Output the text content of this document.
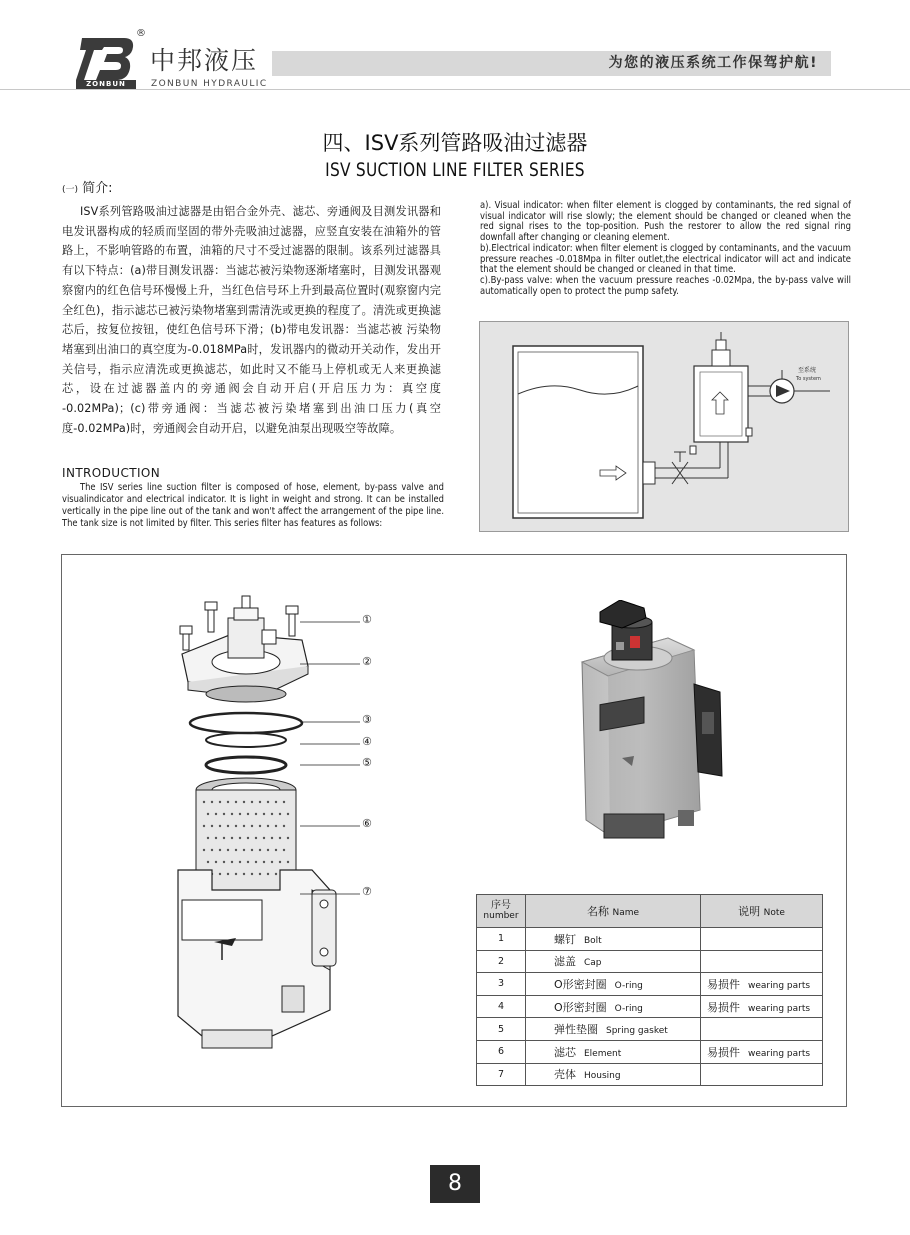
ZONBUN
®
中邦液压
ZONBUN HYDRAULIC
为您的液压系统工作保驾护航!
四、ISV系列管路吸油过滤器
ISV SUCTION LINE FILTER SERIES
(一) 简介:
ISV系列管路吸油过滤器是由铝合金外壳、滤芯、旁通阀及目测发讯器和电发讯器构成的轻质而坚固的带外壳吸油过滤器，应竖直安装在油箱外的管路上，不影响管路的布置，油箱的尺寸不受过滤器的限制。该系列过滤器具有以下特点：(a)带目测发讯器：当滤芯被污染物逐渐堵塞时，目测发讯器观察窗内的红色信号环慢慢上升，当红色信号环上升到最高位置时(观察窗内完全红色)，指示滤芯已被污染物堵塞到需清洗或更换的程度了。清洗或更换滤芯后，按复位按钮，使红色信号环下滑；(b)带电发讯器：当滤芯被 污染物堵塞到出油口的真空度为-0.018MPa时，发讯器内的微动开关动作，发出开关信号，指示应清洗或更换滤芯，如此时又不能马上停机或无人来更换滤芯，设在过滤器盖内的旁通阀会自动开启(开启压力为：真空度 -0.02MPa)；(c)带旁通阀：当滤芯被污染堵塞到出油口压力(真空度-0.02MPa)时，旁通阀会自动开启，以避免油泵出现吸空等故障。
INTRODUCTION
The ISV series line suction filter is composed of hose, element, by-pass valve and visualindicator and electrical indicator. It is light in weight and strong. It can be installed vertically in the pipe line out of the tank and won't affect the arrangement of the pipe line. The tank size is not limited by filter. This series filter has features as follows:

a). Visual indicator: when filter element is clogged by contaminants, the red signal of visual indicator will rise slowly; the element should be changed or cleaned when the red signal rises to the top-position. Push the restorer to allow the red signal ring downfall after changing or cleaning element.

b).Electrical indicator: when filter element is clogged by contaminants, and the vacuum pressure reaches -0.018Mpa in filter outlet,the electrical indicator will act and indicate that the element should be changed or cleaned in that time.

c).By-pass valve: when the vacuum pressure reaches -0.02Mpa, the by-pass valve will automatically open to protect the pump safety.

至系统
To system
①
②
③
④
⑤
⑥
⑦
序号
number	名称 Name	说明 Note
1	螺钉 Bolt	
2	滤盖 Cap	
3	O形密封圈 O-ring	易损件 wearing parts
4	O形密封圈 O-ring	易损件 wearing parts
5	弹性垫圈 Spring gasket	
6	滤芯 Element	易损件 wearing parts
7	壳体 Housing	
8
